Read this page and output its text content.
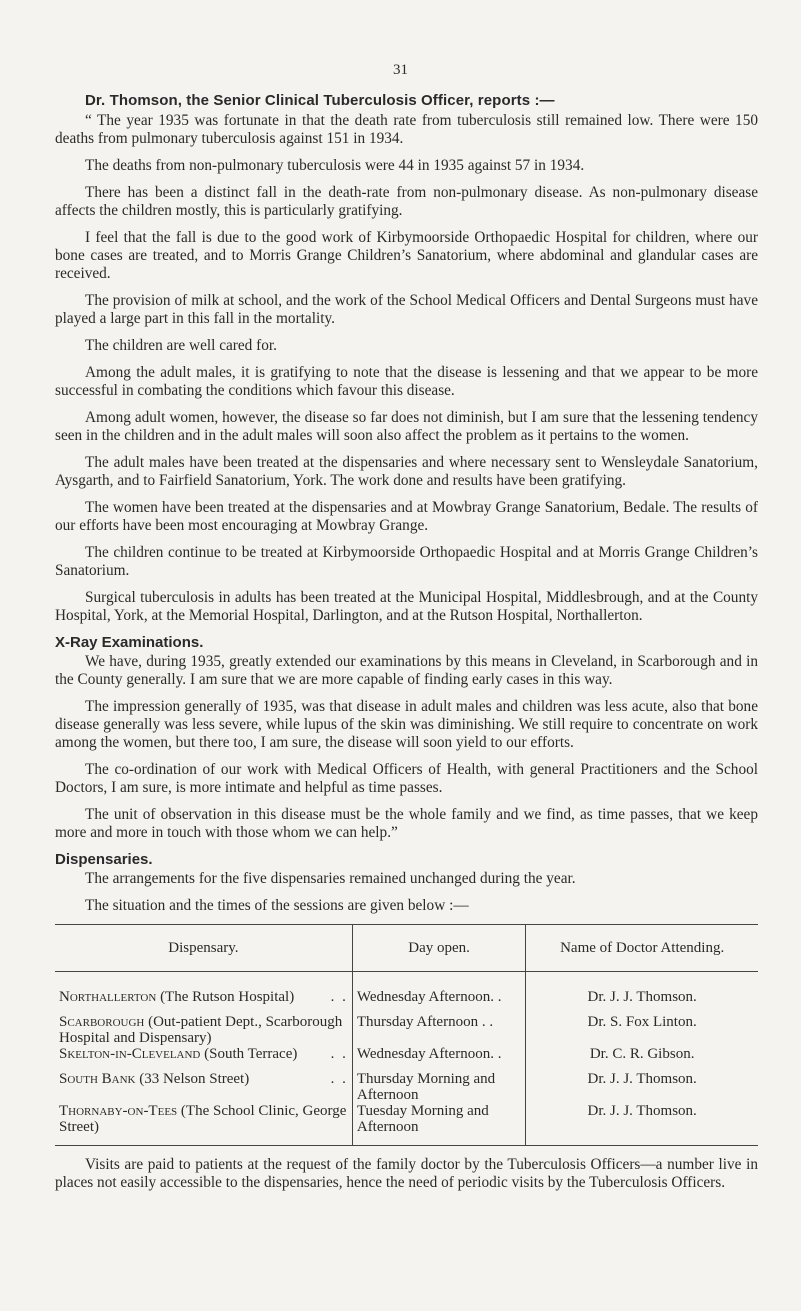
31
Dr. Thomson, the Senior Clinical Tuberculosis Officer, reports :—

“ The year 1935 was fortunate in that the death rate from tuberculosis still remained low. There were 150 deaths from pulmonary tuberculosis against 151 in 1934.

The deaths from non-pulmonary tuberculosis were 44 in 1935 against 57 in 1934.

There has been a distinct fall in the death-rate from non-pulmonary disease. As non-pulmonary disease affects the children mostly, this is particularly gratifying.

I feel that the fall is due to the good work of Kirbymoorside Orthopaedic Hospital for children, where our bone cases are treated, and to Morris Grange Children’s Sanatorium, where abdominal and glandular cases are received.

The provision of milk at school, and the work of the School Medical Officers and Dental Surgeons must have played a large part in this fall in the mortality.

The children are well cared for.

Among the adult males, it is gratifying to note that the disease is lessening and that we appear to be more successful in combating the conditions which favour this disease.

Among adult women, however, the disease so far does not diminish, but I am sure that the lessening tendency seen in the children and in the adult males will soon also affect the problem as it pertains to the women.

The adult males have been treated at the dispensaries and where necessary sent to Wensleydale Sanatorium, Aysgarth, and to Fairfield Sanatorium, York. The work done and results have been gratifying.

The women have been treated at the dispensaries and at Mowbray Grange Sanatorium, Bedale. The results of our efforts have been most encouraging at Mowbray Grange.

The children continue to be treated at Kirbymoorside Orthopaedic Hospital and at Morris Grange Children’s Sanatorium.

Surgical tuberculosis in adults has been treated at the Municipal Hospital, Middlesbrough, and at the County Hospital, York, at the Memorial Hospital, Darlington, and at the Rutson Hospital, Northallerton.

X-Ray Examinations.

We have, during 1935, greatly extended our examinations by this means in Cleveland, in Scarborough and in the County generally. I am sure that we are more capable of finding early cases in this way.

The impression generally of 1935, was that disease in adult males and children was less acute, also that bone disease generally was less severe, while lupus of the skin was diminishing. We still require to concentrate on work among the women, but there too, I am sure, the disease will soon yield to our efforts.

The co-ordination of our work with Medical Officers of Health, with general Practitioners and the School Doctors, I am sure, is more intimate and helpful as time passes.

The unit of observation in this disease must be the whole family and we find, as time passes, that we keep more and more in touch with those whom we can help.”

Dispensaries.

The arrangements for the five dispensaries remained unchanged during the year.

The situation and the times of the sessions are given below :—

Dispensary.	Day open.	Name of Doctor Attending.

. .
Northallerton (The Rutson Hospital)	Wednesday Afternoon. .	Dr. J. J. Thomson.
Scarborough (Out-patient Dept., Scarborough Hospital and Dispensary)	Thursday Afternoon . .	Dr. S. Fox Linton.

. .
Skelton-in-Cleveland (South Terrace)	Wednesday Afternoon. .	Dr. C. R. Gibson.

. .
South Bank (33 Nelson Street)	Thursday Morning and Afternoon	Dr. J. J. Thomson.
Thornaby-on-Tees (The School Clinic, George Street)	Tuesday Morning and Afternoon	Dr. J. J. Thomson.

Visits are paid to patients at the request of the family doctor by the Tuberculosis Officers—a number live in places not easily accessible to the dispensaries, hence the need of periodic visits by the Tuberculosis Officers.
